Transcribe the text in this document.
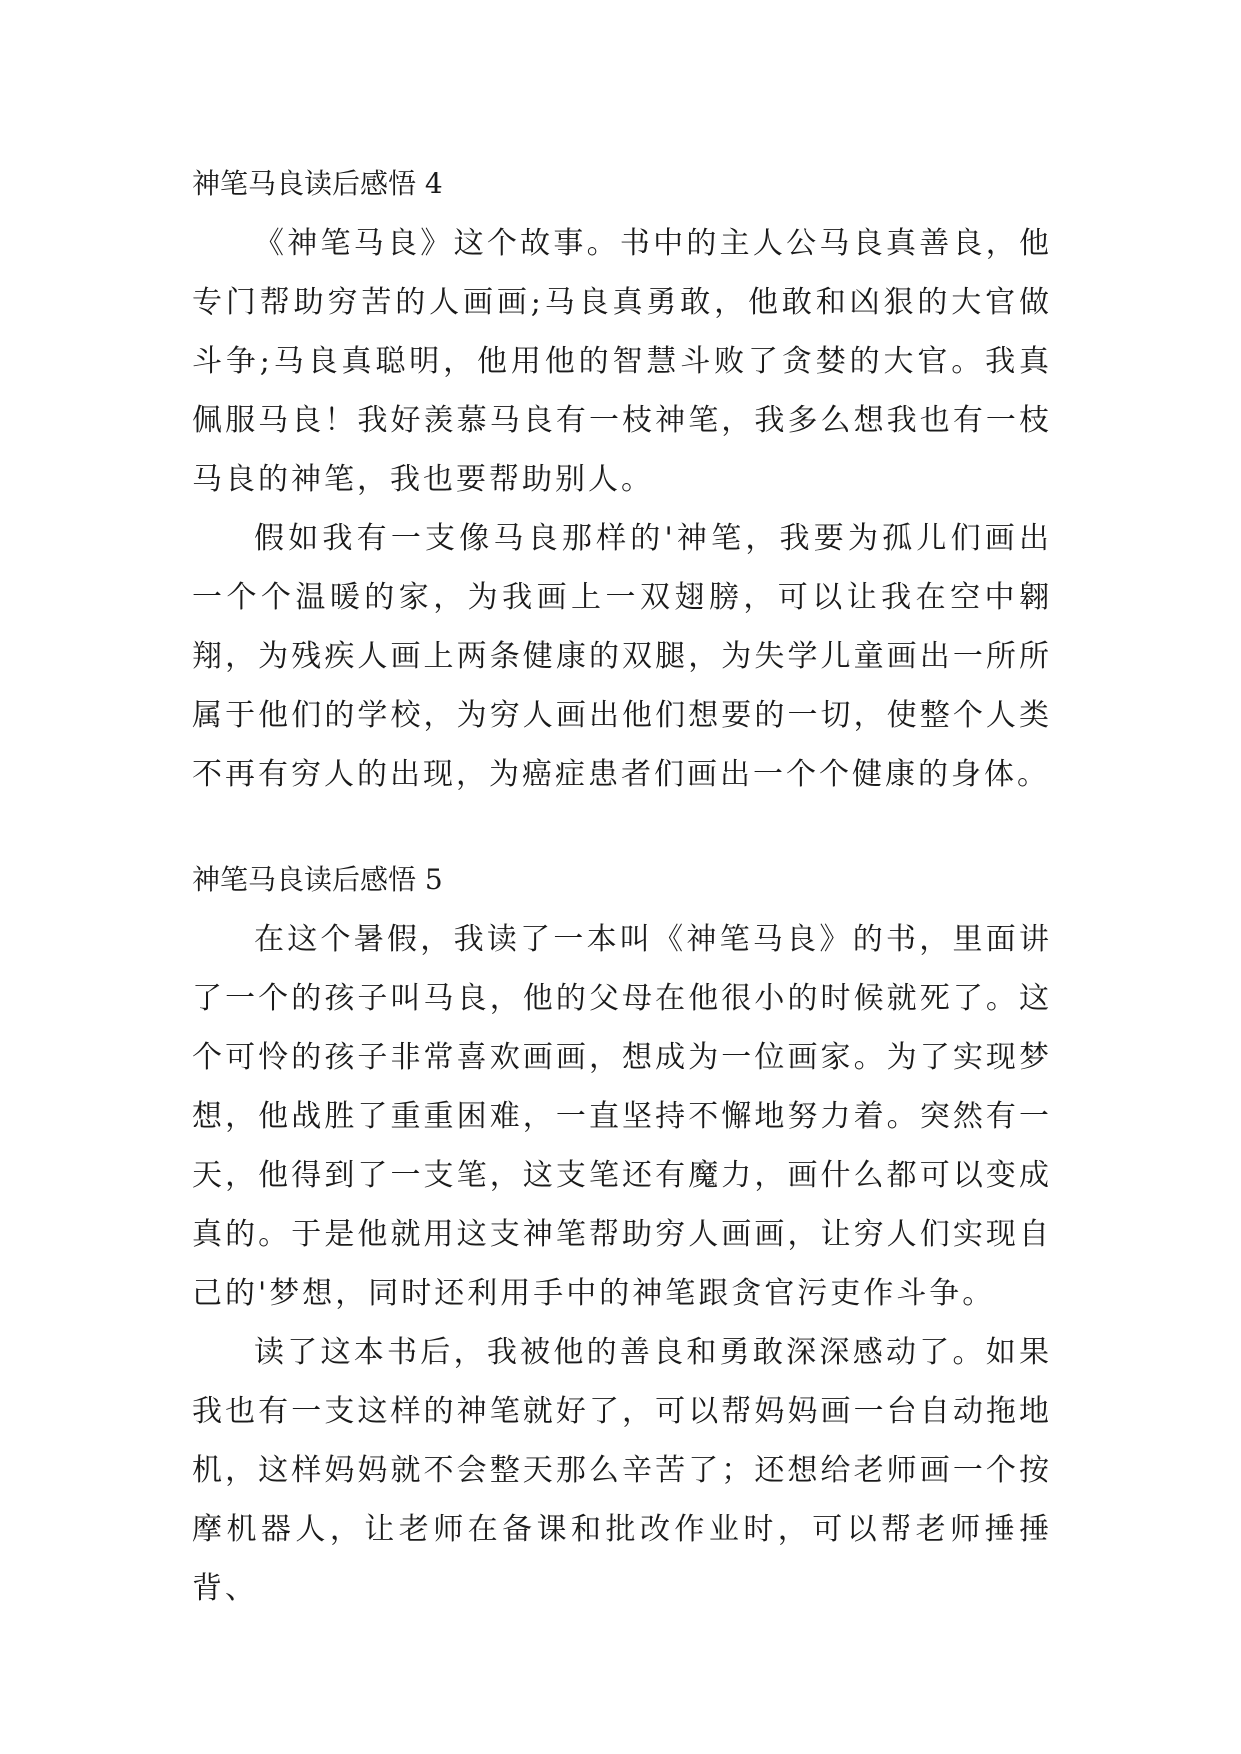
神笔马良读后感悟 4

《神笔马良》这个故事。书中的主人公马良真善良，他专门帮助穷苦的人画画;马良真勇敢，他敢和凶狠的大官做斗争;马良真聪明，他用他的智慧斗败了贪婪的大官。我真佩服马良！我好羡慕马良有一枝神笔，我多么想我也有一枝马良的神笔，我也要帮助别人。

假如我有一支像马良那样的'神笔，我要为孤儿们画出一个个温暖的家，为我画上一双翅膀，可以让我在空中翱翔，为残疾人画上两条健康的双腿，为失学儿童画出一所所属于他们的学校，为穷人画出他们想要的一切，使整个人类不再有穷人的出现，为癌症患者们画出一个个健康的身体。

神笔马良读后感悟 5

在这个暑假，我读了一本叫《神笔马良》的书，里面讲了一个的孩子叫马良，他的父母在他很小的时候就死了。这个可怜的孩子非常喜欢画画，想成为一位画家。为了实现梦想，他战胜了重重困难，一直坚持不懈地努力着。突然有一天，他得到了一支笔，这支笔还有魔力，画什么都可以变成真的。于是他就用这支神笔帮助穷人画画，让穷人们实现自己的'梦想，同时还利用手中的神笔跟贪官污吏作斗争。

读了这本书后，我被他的善良和勇敢深深感动了。如果我也有一支这样的神笔就好了，可以帮妈妈画一台自动拖地机，这样妈妈就不会整天那么辛苦了；还想给老师画一个按摩机器人，让老师在备课和批改作业时，可以帮老师捶捶背、
